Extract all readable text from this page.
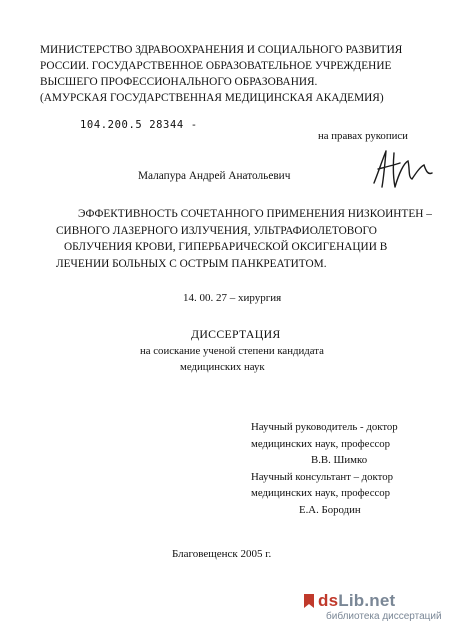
МИНИСТЕРСТВО ЗДРАВООХРАНЕНИЯ И СОЦИАЛЬНОГО РАЗВИТИЯ
РОССИИ. ГОСУДАРСТВЕННОЕ ОБРАЗОВАТЕЛЬНОЕ УЧРЕЖДЕНИЕ
ВЫСШЕГО ПРОФЕССИОНАЛЬНОГО ОБРАЗОВАНИЯ.
(АМУРСКАЯ ГОСУДАРСТВЕННАЯ МЕДИЦИНСКАЯ АКАДЕМИЯ)
104.200.5 28344 -
на правах рукописи
Малапура Андрей Анатольевич
ЭФФЕКТИВНОСТЬ СОЧЕТАННОГО ПРИМЕНЕНИЯ НИЗКОИНТЕН –
СИВНОГО ЛАЗЕРНОГО ИЗЛУЧЕНИЯ, УЛЬТРАФИОЛЕТОВОГО
ОБЛУЧЕНИЯ КРОВИ, ГИПЕРБАРИЧЕСКОЙ ОКСИГЕНАЦИИ В
ЛЕЧЕНИИ БОЛЬНЫХ С ОСТРЫМ ПАНКРЕАТИТОМ.
14. 00. 27 – хирургия
ДИССЕРТАЦИЯ
на соискание ученой степени кандидата
медицинских наук
Научный руководитель - доктор
медицинских наук, профессор
В.В. Шимко
Научный консультант – доктор
медицинских наук, профессор
Е.А. Бородин
Благовещенск 2005 г.
dsLib.net
библиотека диссертаций
